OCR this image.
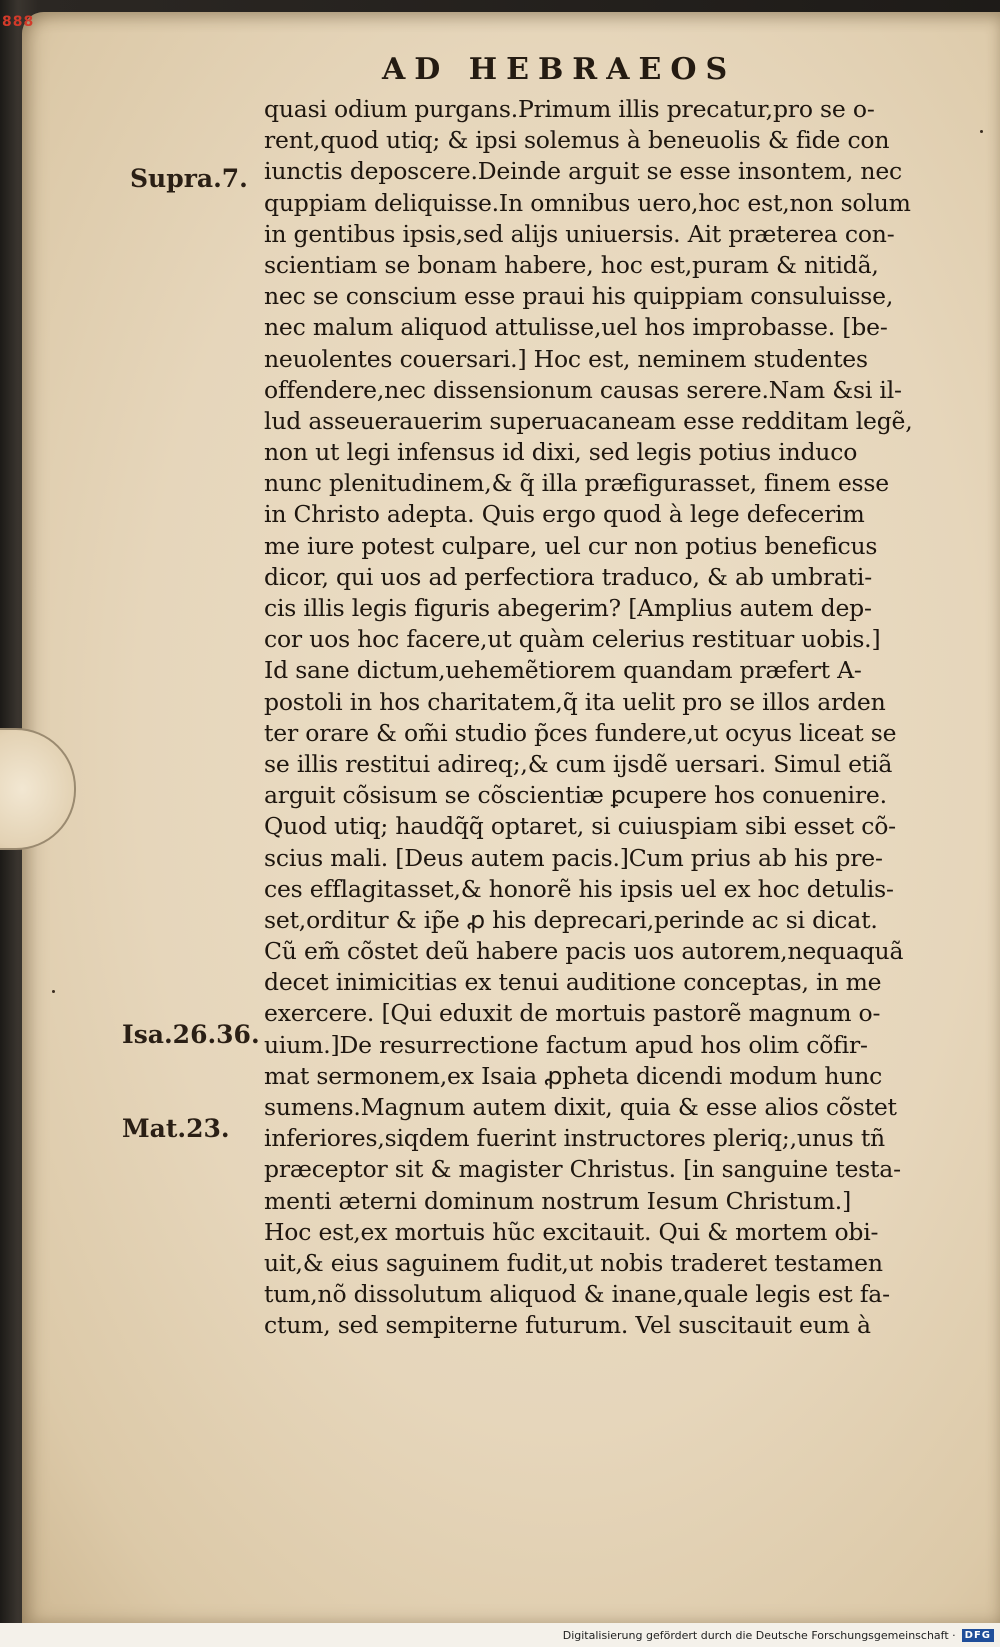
AD HEBRAEOS
Supra.7.
Isa.26.36.
Mat.23.
quasi odium purgans.Primum illis precatur,pro se o-
rent,quod utiq; & ipsi solemus à beneuolis & fide con
iunctis deposcere.Deinde arguit se esse insontem, nec
quppiam deliquisse.In omnibus uero,hoc est,non solum
in gentibus ipsis,sed alijs uniuersis. Ait præterea con-
scientiam se bonam habere, hoc est,puram & nitidã,
nec se conscium esse praui his quippiam consuluisse,
nec malum aliquod attulisse,uel hos improbasse. [be-
neuolentes couersari.] Hoc est, neminem studentes
offendere,nec dissensionum causas serere.Nam &si il-
lud asseuerauerim superuacaneam esse redditam legẽ,
non ut legi infensus id dixi, sed legis potius induco
nunc plenitudinem,& q̃ illa præfigurasset, finem esse
in Christo adepta. Quis ergo quod à lege defecerim
me iure potest culpare, uel cur non potius beneficus
dicor, qui uos ad perfectiora traduco, & ab umbrati-
cis illis legis figuris abegerim? [Amplius autem dep-
cor uos hoc facere,ut quàm celerius restituar uobis.]
Id sane dictum,uehemẽtiorem quandam præfert A-
postoli in hos charitatem,q̃ ita uelit pro se illos arden
ter orare & om̃i studio p̃ces fundere,ut ocyus liceat se
se illis restitui adireq;,& cum ijsdẽ uersari. Simul etiã
arguit cõsisum se cõscientiæ ꝑcupere hos conuenire.
Quod utiq; haudq̃q̃ optaret, si cuiuspiam sibi esset cõ-
scius mali. [Deus autem pacis.]Cum prius ab his pre-
ces efflagitasset,& honorẽ his ipsis uel ex hoc detulis-
set,orditur & ip̃e ꝓ his deprecari,perinde ac si dicat.
Cũ em̃ cõstet deũ habere pacis uos autorem,nequaquã
decet inimicitias ex tenui auditione conceptas, in me
exercere. [Qui eduxit de mortuis pastorẽ magnum o-
uium.]De resurrectione factum apud hos olim cõfir-
mat sermonem,ex Isaia ꝓpheta dicendi modum hunc
sumens.Magnum autem dixit, quia & esse alios cõstet
inferiores,siqdem fuerint instructores pleriq;,unus tñ
præceptor sit & magister Christus. [in sanguine testa-
menti æterni dominum nostrum Iesum Christum.]
Hoc est,ex mortuis hũc excitauit. Qui & mortem obi-
uit,& eius saguinem fudit,ut nobis traderet testamen
tum,nõ dissolutum aliquod & inane,quale legis est fa-
ctum, sed sempiterne futurum. Vel suscitauit eum à
888
Digitalisierung gefördert durch die Deutsche Forschungsgemeinschaft · DFG
